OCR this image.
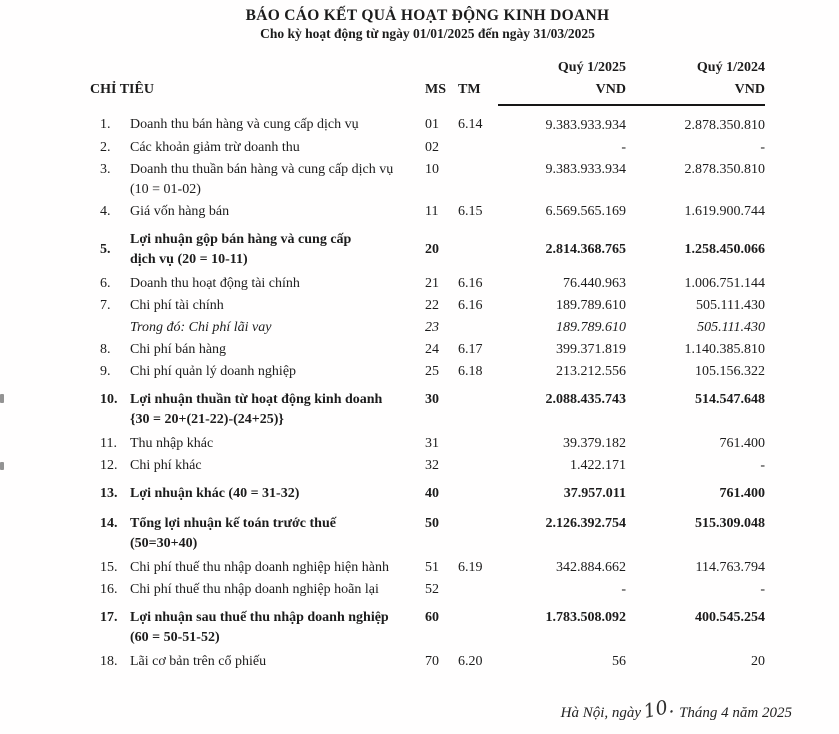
BÁO CÁO KẾT QUẢ HOẠT ĐỘNG KINH DOANH
Cho kỳ hoạt động từ ngày 01/01/2025 đến ngày 31/03/2025
				Quý 1/2025	Quý 1/2024
CHỈ TIÊU		MS	TM	VND	VND
1.	Doanh thu bán hàng và cung cấp dịch vụ	01	6.14	9.383.933.934	2.878.350.810
2.	Các khoản giảm trừ doanh thu	02		-	-
3.	Doanh thu thuần bán hàng và cung cấp dịch vụ
(10 = 01-02)	10		9.383.933.934	2.878.350.810
4.	Giá vốn hàng bán	11	6.15	6.569.565.169	1.619.900.744
5.	Lợi nhuận gộp bán hàng và cung cấp
dịch vụ (20 = 10-11)	20		2.814.368.765	1.258.450.066
6.	Doanh thu hoạt động tài chính	21	6.16	76.440.963	1.006.751.144
7.	Chi phí tài chính	22	6.16	189.789.610	505.111.430
	Trong đó: Chi phí lãi vay	23		189.789.610	505.111.430
8.	Chi phí bán hàng	24	6.17	399.371.819	1.140.385.810
9.	Chi phí quản lý doanh nghiệp	25	6.18	213.212.556	105.156.322
10.	Lợi nhuận thuần từ hoạt động kinh doanh
{30 = 20+(21-22)-(24+25)}	30		2.088.435.743	514.547.648
11.	Thu nhập khác	31		39.379.182	761.400
12.	Chi phí khác	32		1.422.171	-
13.	Lợi nhuận khác (40 = 31-32)	40		37.957.011	761.400
14.	Tổng lợi nhuận kế toán trước thuế
(50=30+40)	50		2.126.392.754	515.309.048
15.	Chi phí thuế thu nhập doanh nghiệp hiện hành	51	6.19	342.884.662	114.763.794
16.	Chi phí thuế thu nhập doanh nghiệp hoãn lại	52		-	-
17.	Lợi nhuận sau thuế thu nhập doanh nghiệp
(60 = 50-51-52)	60		1.783.508.092	400.545.254
18.	Lãi cơ bản trên cổ phiếu	70	6.20	56	20
Hà Nội, ngày10. Tháng 4 năm 2025
